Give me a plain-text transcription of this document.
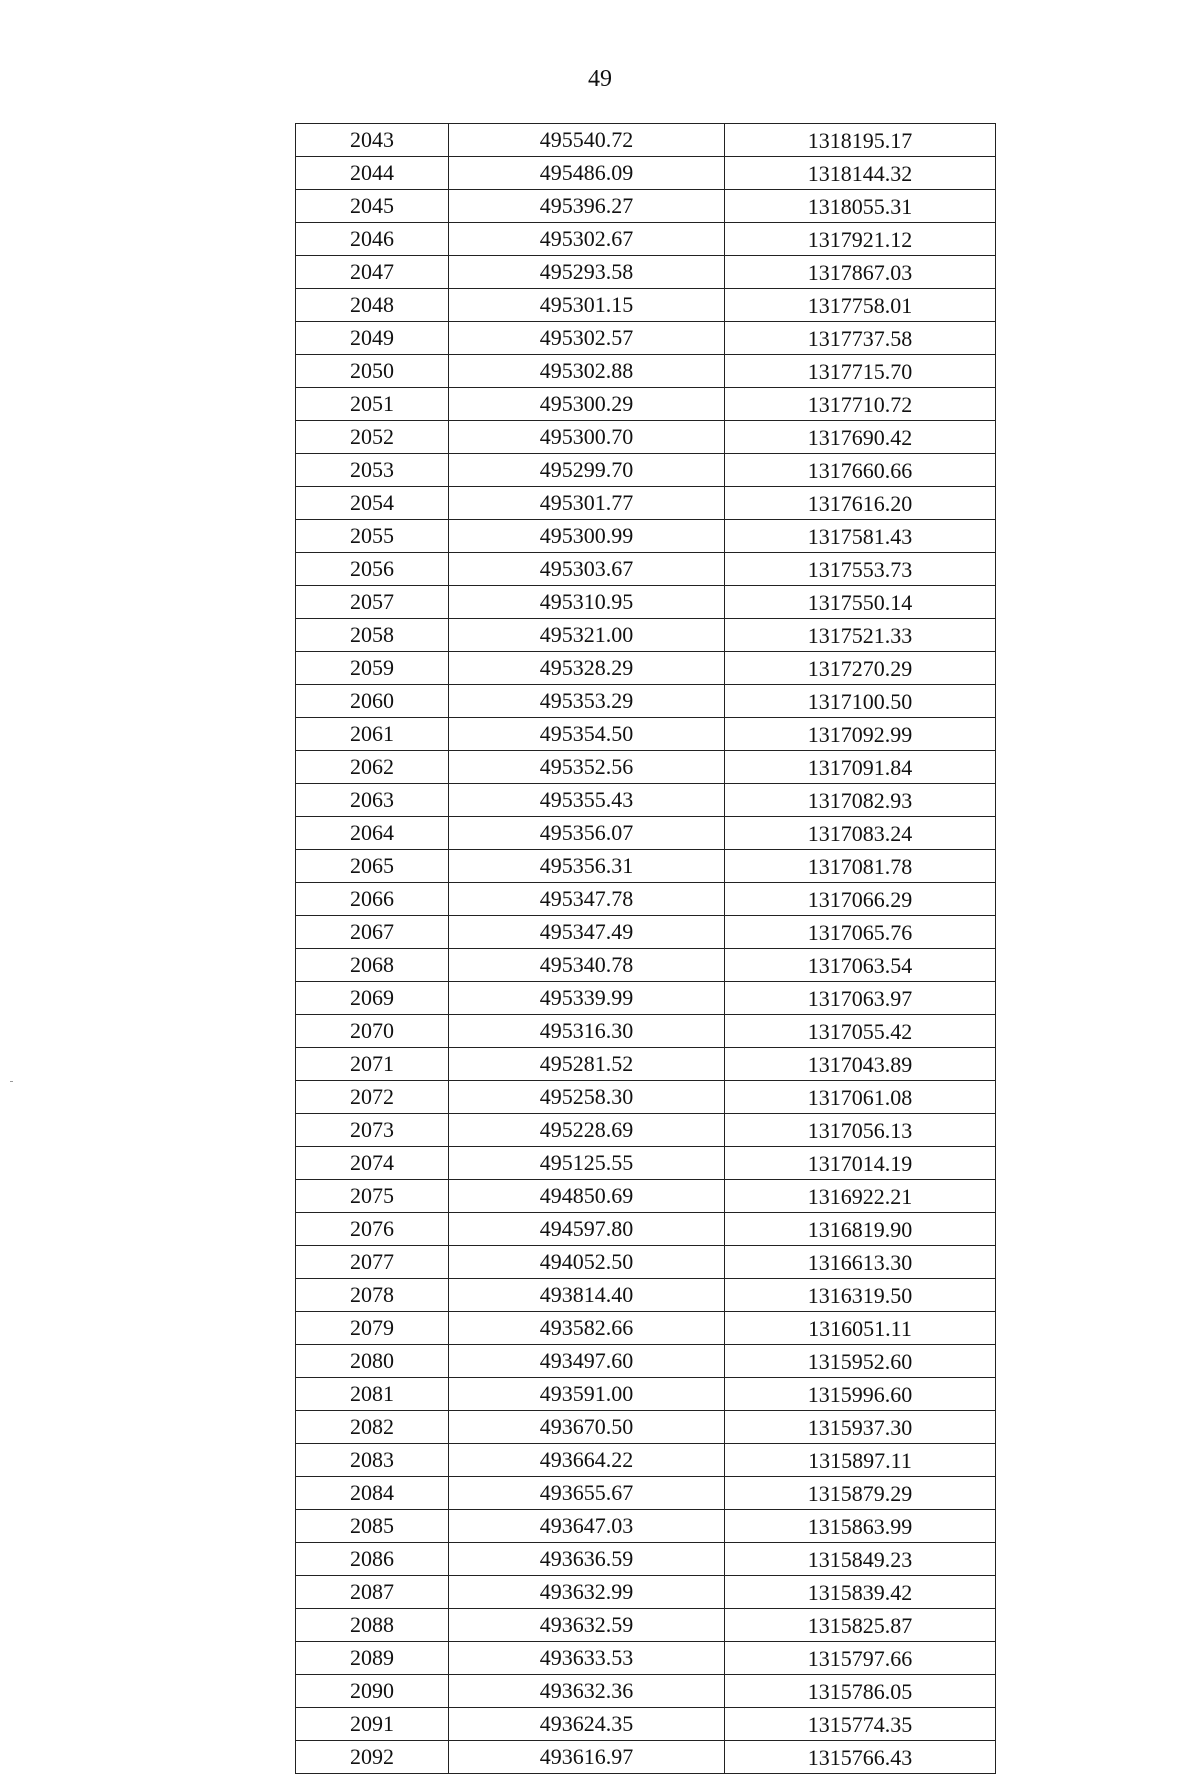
49
2043	495540.72	1318195.17
2044	495486.09	1318144.32
2045	495396.27	1318055.31
2046	495302.67	1317921.12
2047	495293.58	1317867.03
2048	495301.15	1317758.01
2049	495302.57	1317737.58
2050	495302.88	1317715.70
2051	495300.29	1317710.72
2052	495300.70	1317690.42
2053	495299.70	1317660.66
2054	495301.77	1317616.20
2055	495300.99	1317581.43
2056	495303.67	1317553.73
2057	495310.95	1317550.14
2058	495321.00	1317521.33
2059	495328.29	1317270.29
2060	495353.29	1317100.50
2061	495354.50	1317092.99
2062	495352.56	1317091.84
2063	495355.43	1317082.93
2064	495356.07	1317083.24
2065	495356.31	1317081.78
2066	495347.78	1317066.29
2067	495347.49	1317065.76
2068	495340.78	1317063.54
2069	495339.99	1317063.97
2070	495316.30	1317055.42
2071	495281.52	1317043.89
2072	495258.30	1317061.08
2073	495228.69	1317056.13
2074	495125.55	1317014.19
2075	494850.69	1316922.21
2076	494597.80	1316819.90
2077	494052.50	1316613.30
2078	493814.40	1316319.50
2079	493582.66	1316051.11
2080	493497.60	1315952.60
2081	493591.00	1315996.60
2082	493670.50	1315937.30
2083	493664.22	1315897.11
2084	493655.67	1315879.29
2085	493647.03	1315863.99
2086	493636.59	1315849.23
2087	493632.99	1315839.42
2088	493632.59	1315825.87
2089	493633.53	1315797.66
2090	493632.36	1315786.05
2091	493624.35	1315774.35
2092	493616.97	1315766.43
